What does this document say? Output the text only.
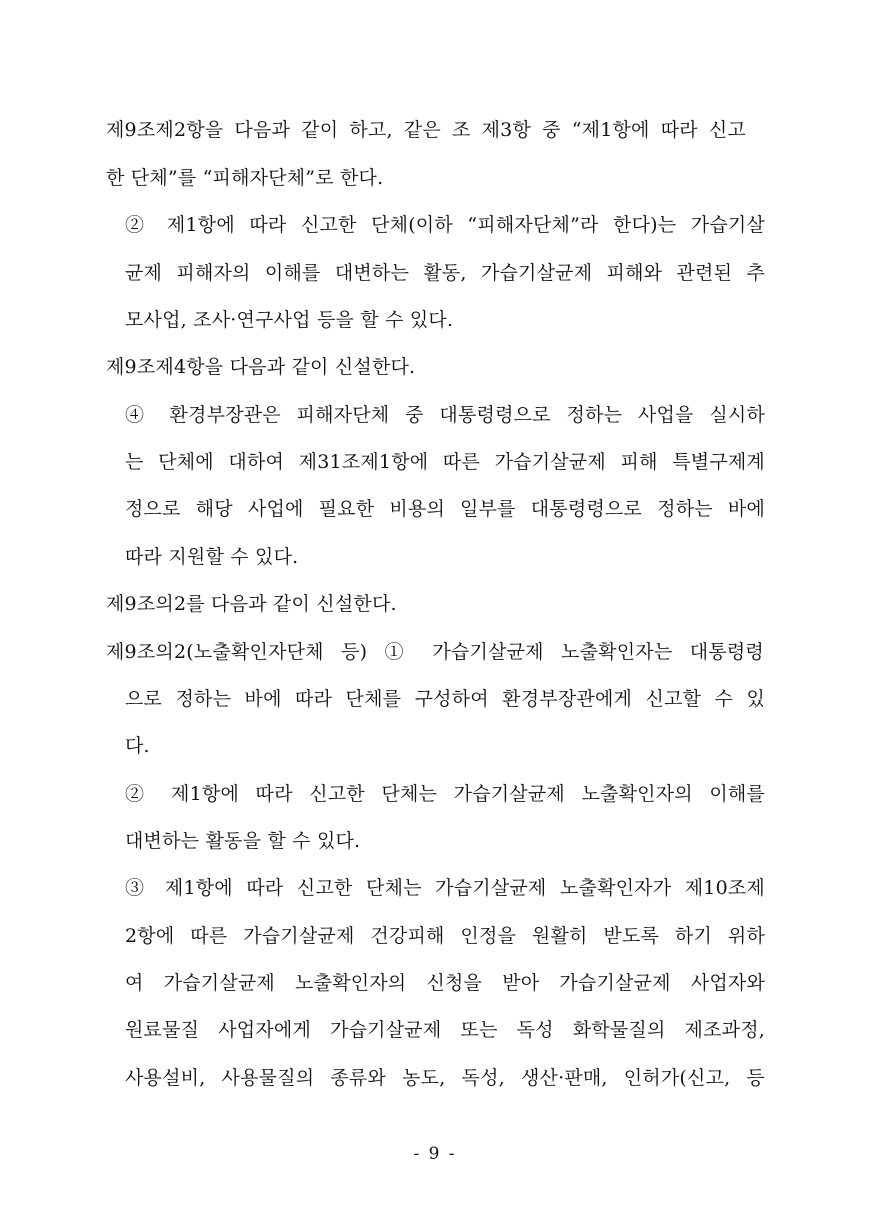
제9조제2항을 다음과 같이 하고, 같은 조 제3항 중 “제1항에 따라 신고
한 단체”를 “피해자단체”로 한다.
② 제1항에 따라 신고한 단체(이하 “피해자단체”라 한다)는 가습기살
균제 피해자의 이해를 대변하는 활동, 가습기살균제 피해와 관련된 추
모사업, 조사·연구사업 등을 할 수 있다.
제9조제4항을 다음과 같이 신설한다.
④ 환경부장관은 피해자단체 중 대통령령으로 정하는 사업을 실시하
는 단체에 대하여 제31조제1항에 따른 가습기살균제 피해 특별구제계
정으로 해당 사업에 필요한 비용의 일부를 대통령령으로 정하는 바에
따라 지원할 수 있다.
제9조의2를 다음과 같이 신설한다.
제9조의2(노출확인자단체 등) ① 가습기살균제 노출확인자는 대통령령
으로 정하는 바에 따라 단체를 구성하여 환경부장관에게 신고할 수 있
다.
② 제1항에 따라 신고한 단체는 가습기살균제 노출확인자의 이해를
대변하는 활동을 할 수 있다.
③ 제1항에 따라 신고한 단체는 가습기살균제 노출확인자가 제10조제
2항에 따른 가습기살균제 건강피해 인정을 원활히 받도록 하기 위하
여 가습기살균제 노출확인자의 신청을 받아 가습기살균제 사업자와
원료물질 사업자에게 가습기살균제 또는 독성 화학물질의 제조과정,
사용설비, 사용물질의 종류와 농도, 독성, 생산·판매, 인허가(신고, 등
- 9 -
